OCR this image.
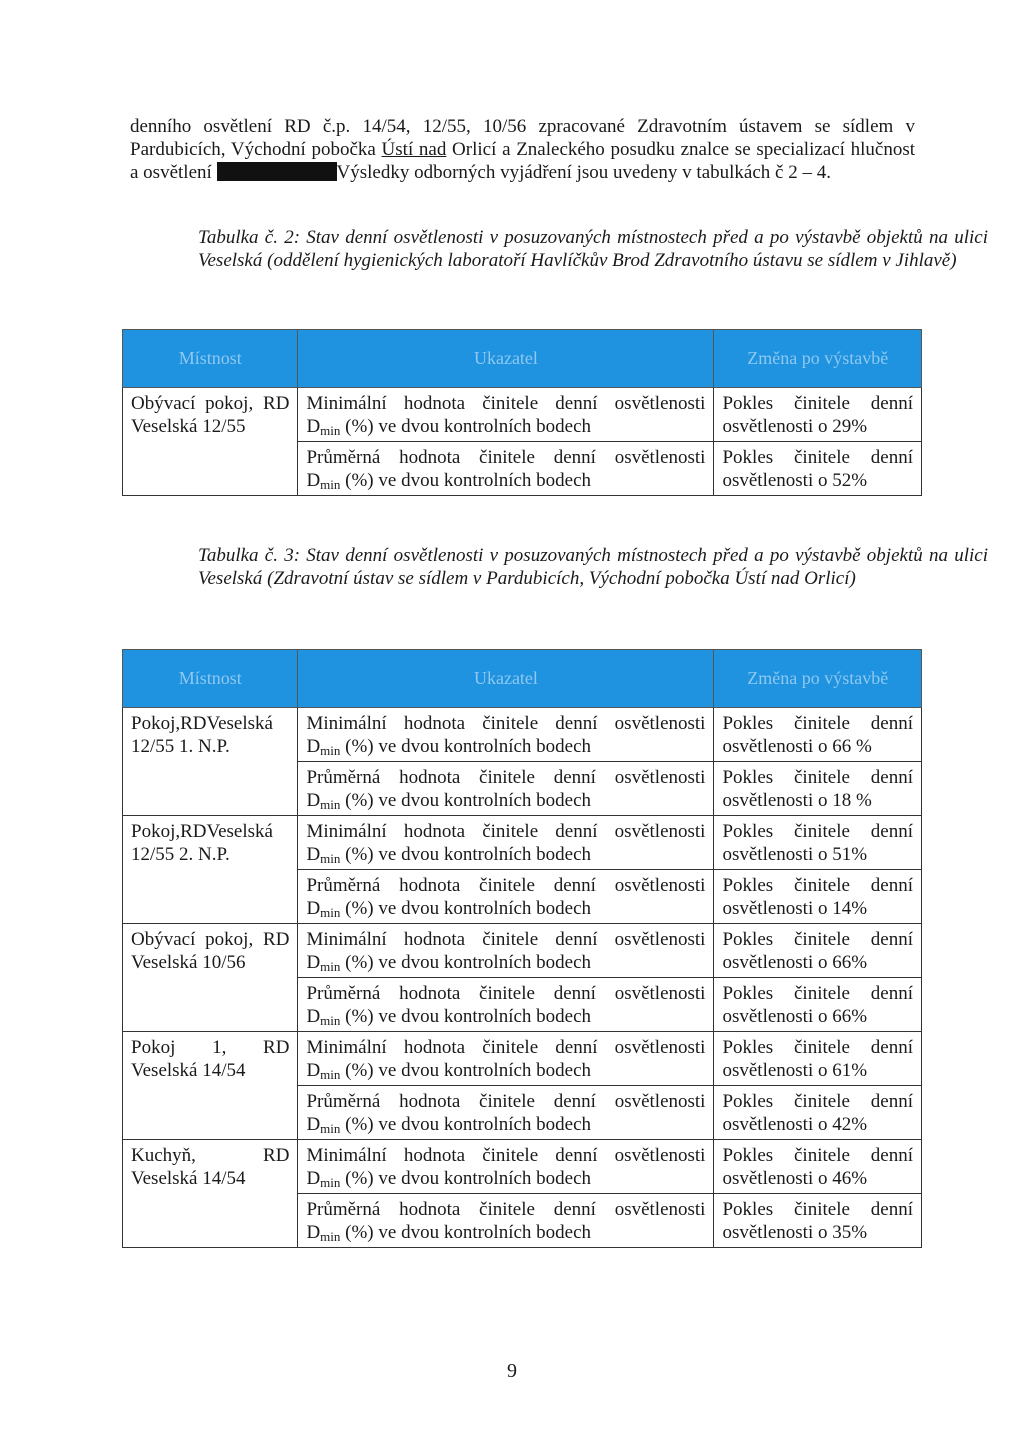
denního osvětlení RD č.p. 14/54, 12/55, 10/56 zpracované Zdravotním ústavem se sídlem v Pardubicích, Východní pobočka Ústí nad Orlicí a Znaleckého posudku znalce se specializací hlučnost a osvětlení	Výsledky odborných vyjádření jsou uvedeny v tabulkách č 2 – 4.

Tabulka č. 2: Stav denní osvětlenosti v posuzovaných místnostech před a po výstavbě objektů na ulici Veselská (oddělení hygienických laboratoří Havlíčkův Brod Zdravotního ústavu se sídlem v Jihlavě)

Místnost	Ukazatel	Změna po výstavbě
Obývací pokoj, RD Veselská 12/55	Minimální hodnota činitele denní osvětlenosti
$D_{min}$ (%) ve dvou kontrolních bodech	Pokles činitele denní
osvětlenosti o 29%

	Průměrná hodnota činitele denní osvětlenosti
$D_{min}$ (%) ve dvou kontrolních bodech	Pokles činitele denní
osvětlenosti o 52%

Tabulka č. 3: Stav denní osvětlenosti v posuzovaných místnostech před a po výstavbě objektů na ulici Veselská (Zdravotní ústav se sídlem v Pardubicích, Východní pobočka Ústí nad Orlicí)

Místnost	Ukazatel	Změna po výstavbě
Pokoj,RDVeselská 12/55 1. N.P.	Minimální hodnota činitele denní osvětlenosti
$D_{min}$ (%) ve dvou kontrolních bodech	Pokles činitele denní
osvětlenosti o 66 %

	Průměrná hodnota činitele denní osvětlenosti
$D_{min}$ (%) ve dvou kontrolních bodech	Pokles činitele denní
osvětlenosti o 18 %
Pokoj,RDVeselská 12/55 2. N.P.	Minimální hodnota činitele denní osvětlenosti
$D_{min}$ (%) ve dvou kontrolních bodech	Pokles činitele denní
osvětlenosti o 51%

	Průměrná hodnota činitele denní osvětlenosti
$D_{min}$ (%) ve dvou kontrolních bodech	Pokles činitele denní
osvětlenosti o 14%
Obývací pokoj, RD Veselská 10/56	Minimální hodnota činitele denní osvětlenosti
$D_{min}$ (%) ve dvou kontrolních bodech	Pokles činitele denní
osvětlenosti o 66%

	Průměrná hodnota činitele denní osvětlenosti
$D_{min}$ (%) ve dvou kontrolních bodech	Pokles činitele denní
osvětlenosti o 66%
Pokoj 1, RD Veselská 14/54	Minimální hodnota činitele denní osvětlenosti
$D_{min}$ (%) ve dvou kontrolních bodech	Pokles činitele denní
osvětlenosti o 61%

	Průměrná hodnota činitele denní osvětlenosti
$D_{min}$ (%) ve dvou kontrolních bodech	Pokles činitele denní
osvětlenosti o 42%
Kuchyň, RD Veselská 14/54	Minimální hodnota činitele denní osvětlenosti
$D_{min}$ (%) ve dvou kontrolních bodech	Pokles činitele denní
osvětlenosti o 46%

	Průměrná hodnota činitele denní osvětlenosti
$D_{min}$ (%) ve dvou kontrolních bodech	Pokles činitele denní
osvětlenosti o 35%
9
